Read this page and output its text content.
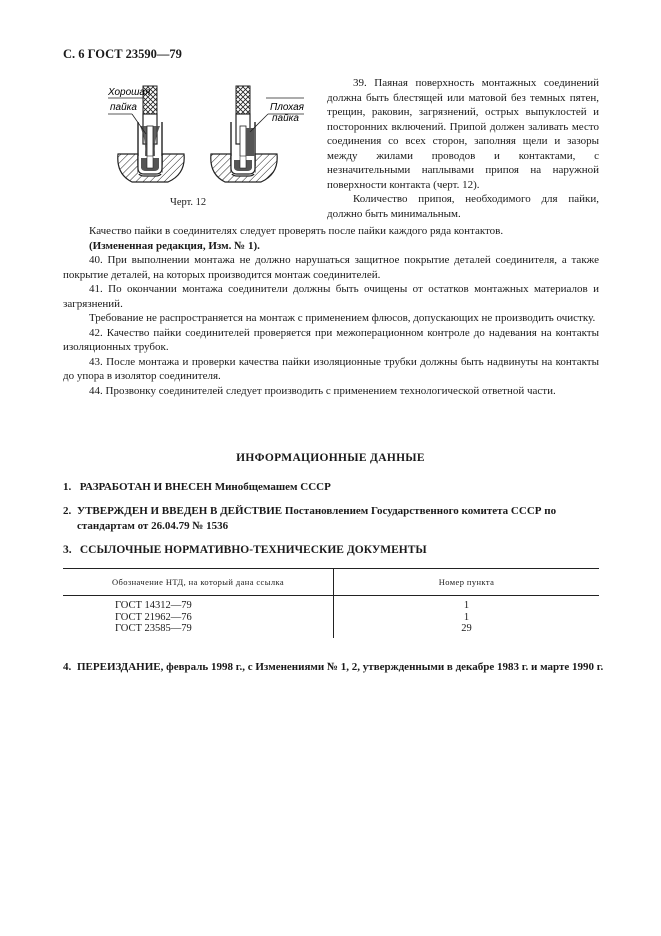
С. 6 ГОСТ 23590—79
Хорошая
пайка	Плохая
пайка
Черт. 12

39. Паяная поверхность монтажных соединений должна быть блестящей или матовой без темных пятен, трещин, раковин, загрязнений, острых выпуклостей и посторонних включений. Припой должен заливать место соединения со всех сторон, заполняя щели и зазоры между жилами проводов и контактами, с незначительными наплывами припоя на наружной поверхности контакта (черт. 12).

Количество припоя, необходимого для пайки, должно быть минимальным.

Качество пайки в соединителях следует проверять после пайки каждого ряда контактов.

(Измененная редакция, Изм. № 1).

40. При выполнении монтажа не должно нарушаться защитное покрытие деталей соединителя, а также покрытие деталей, на которых производится монтаж соединителей.

41. По окончании монтажа соединители должны быть очищены от остатков монтажных материалов и загрязнений.

Требование не распространяется на монтаж с применением флюсов, допускающих не производить очистку.

42. Качество пайки соединителей проверяется при межоперационном контроле до надевания на контакты изоляционных трубок.

43. После монтажа и проверки качества пайки изоляционные трубки должны быть надвинуты на контакты до упора в изолятор соединителя.

44. Прозвонку соединителей следует производить с применением технологической ответной части.

ИНФОРМАЦИОННЫЕ ДАННЫЕ
1. РАЗРАБОТАН И ВНЕСЕН Минобщемашем СССР
2. УТВЕРЖДЕН И ВВЕДЕН В ДЕЙСТВИЕ Постановлением Государственного комитета СССР по стандартам от 26.04.79 № 1536
3. ССЫЛОЧНЫЕ НОРМАТИВНО-ТЕХНИЧЕСКИЕ ДОКУМЕНТЫ
Обозначение НТД, на который дана ссылка	Номер пункта
ГОСТ 14312—79	1
ГОСТ 21962—76	1
ГОСТ 23585—79	29
4. ПЕРЕИЗДАНИЕ, февраль 1998 г., с Изменениями № 1, 2, утвержденными в декабре 1983 г. и марте 1990 г.
